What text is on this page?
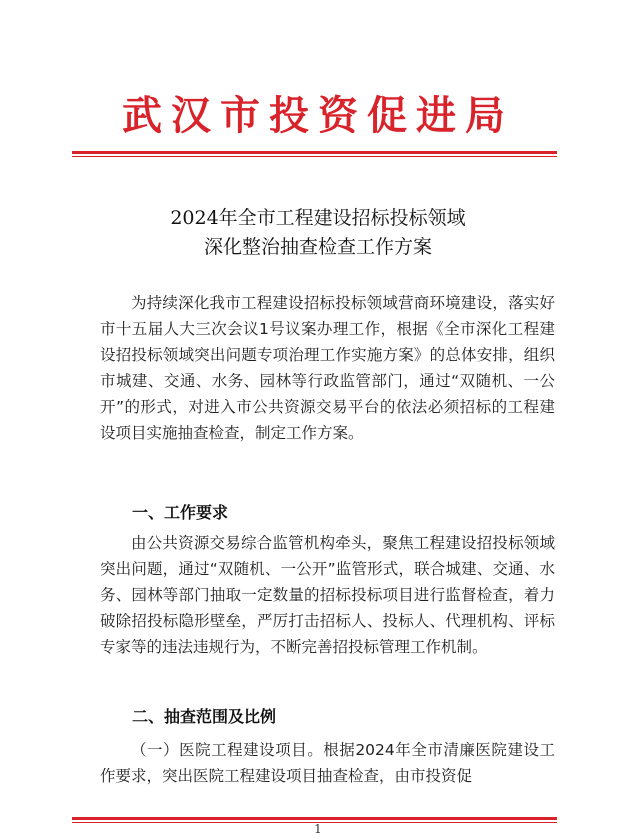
武汉市投资促进局
2024年全市工程建设招标投标领域
深化整治抽查检查工作方案
为持续深化我市工程建设招标投标领域营商环境建设，落实好市十五届人大三次会议1号议案办理工作，根据《全市深化工程建设招投标领域突出问题专项治理工作实施方案》的总体安排，组织市城建、交通、水务、园林等行政监管部门，通过“双随机、一公开”的形式，对进入市公共资源交易平台的依法必须招标的工程建设项目实施抽查检查，制定工作方案。
一、工作要求
由公共资源交易综合监管机构牵头，聚焦工程建设招投标领域突出问题，通过“双随机、一公开”监管形式，联合城建、交通、水务、园林等部门抽取一定数量的招标投标项目进行监督检查，着力破除招投标隐形壁垒，严厉打击招标人、投标人、代理机构、评标专家等的违法违规行为，不断完善招投标管理工作机制。
二、抽查范围及比例
（一）医院工程建设项目。根据2024年全市清廉医院建设工作要求，突出医院工程建设项目抽查检查，由市投资促
1
